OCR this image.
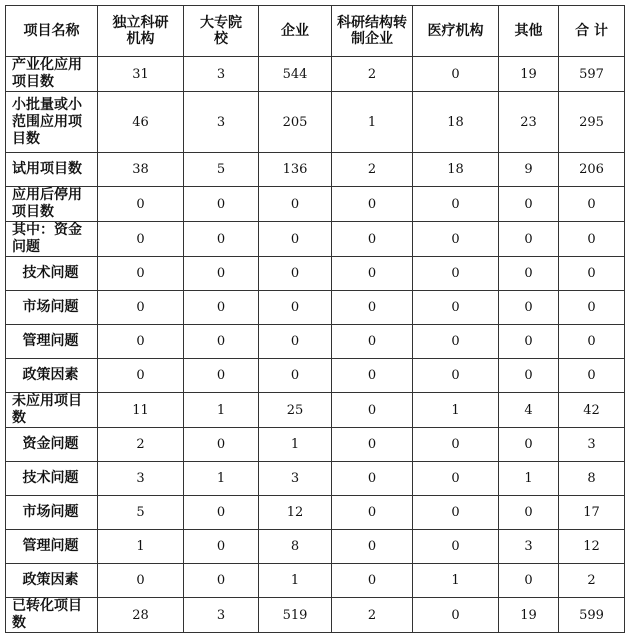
项目名称	独立科研机构	大专院校	企业	科研结构转制企业	医疗机构	其他	合 计
产业化应用项目数	31	3	544	2	0	19	597
小批量或小范围应用项目数	46	3	205	1	18	23	295
试用项目数	38	5	136	2	18	9	206
应用后停用项目数	0	0	0	0	0	0	0
其中：资金问题	0	0	0	0	0	0	0
技术问题	0	0	0	0	0	0	0
市场问题	0	0	0	0	0	0	0
管理问题	0	0	0	0	0	0	0
政策因素	0	0	0	0	0	0	0
未应用项目数	11	1	25	0	1	4	42
资金问题	2	0	1	0	0	0	3
技术问题	3	1	3	0	0	1	8
市场问题	5	0	12	0	0	0	17
管理问题	1	0	8	0	0	3	12
政策因素	0	0	1	0	1	0	2
已转化项目数	28	3	519	2	0	19	599
